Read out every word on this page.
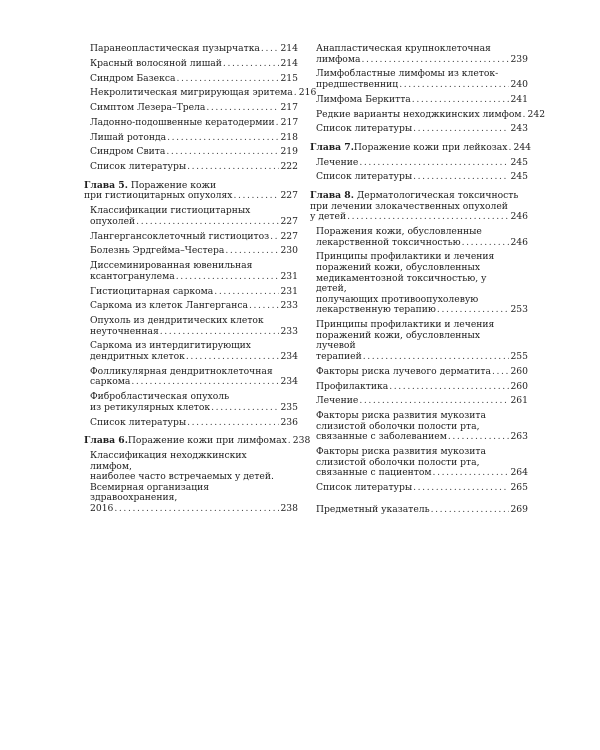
Паранеопластическая пузырчатка ..... 214
Красный волосяной лишай .....	214
Синдром Базекса .....	215
Некролитическая мигрирующая эритема ..... 216
Симптом Лезера–Трела .....	217
Ладонно-подошвенные кератодермии ..... 217
Лишай ротонда .....	218
Синдром Свита .....	219
Список литературы .....	222
Глава 5. Поражение кожи
при гистиоцитарных опухолях .....	227
Классификации гистиоцитарных
опухолей .....	227
Лангергансоклеточный гистиоцитоз ..... 227
Болезнь Эрдгейма–Честера .....	230
Диссеминированная ювенильная
ксантогранулема .....	231
Гистиоцитарная саркома .....	231
Саркома из клеток Лангерганса .....	233
Опухоль из дендритических клеток
неуточненная .....	233
Саркома из интердигитирующих
дендритных клеток .....	234
Фолликулярная дендритноклеточная
саркома .....	234
Фибробластическая опухоль
из ретикулярных клеток .....	235
Список литературы .....	236
Глава 6. Поражение кожи при лимфомах ..... 238
Классификация неходжкинских лимфом,
наиболее часто встречаемых у детей.
Всемирная организация здравоохранения,
2016 .....	238
Анапластическая крупноклеточная
лимфома .....	239
Лимфобластные лимфомы из клеток-
предшественниц .....	240
Лимфома Беркитта .....	241
Редкие варианты неходжкинских лимфом ..... 242
Список литературы .....	243
Глава 7. Поражение кожи при лейкозах ..... 244
Лечение .....	245
Список литературы .....	245
Глава 8. Дерматологическая токсичность
при лечении злокачественных опухолей
у детей .....	246
Поражения кожи, обусловленные
лекарственной токсичностью .....	246
Принципы профилактики и лечения
поражений кожи, обусловленных
медикаментозной токсичностью, у детей,
получающих противоопухолевую
лекарственную терапию .....	253
Принципы профилактики и лечения
поражений кожи, обусловленных лучевой
терапией .....	255
Факторы риска лучевого дерматита ..... 260
Профилактика .....	260
Лечение .....	261
Факторы риска развития мукозита
слизистой оболочки полости рта,
связанные с заболеванием .....	263
Факторы риска развития мукозита
слизистой оболочки полости рта,
связанные с пациентом .....	264
Список литературы .....	265
Предметный указатель .....	269
